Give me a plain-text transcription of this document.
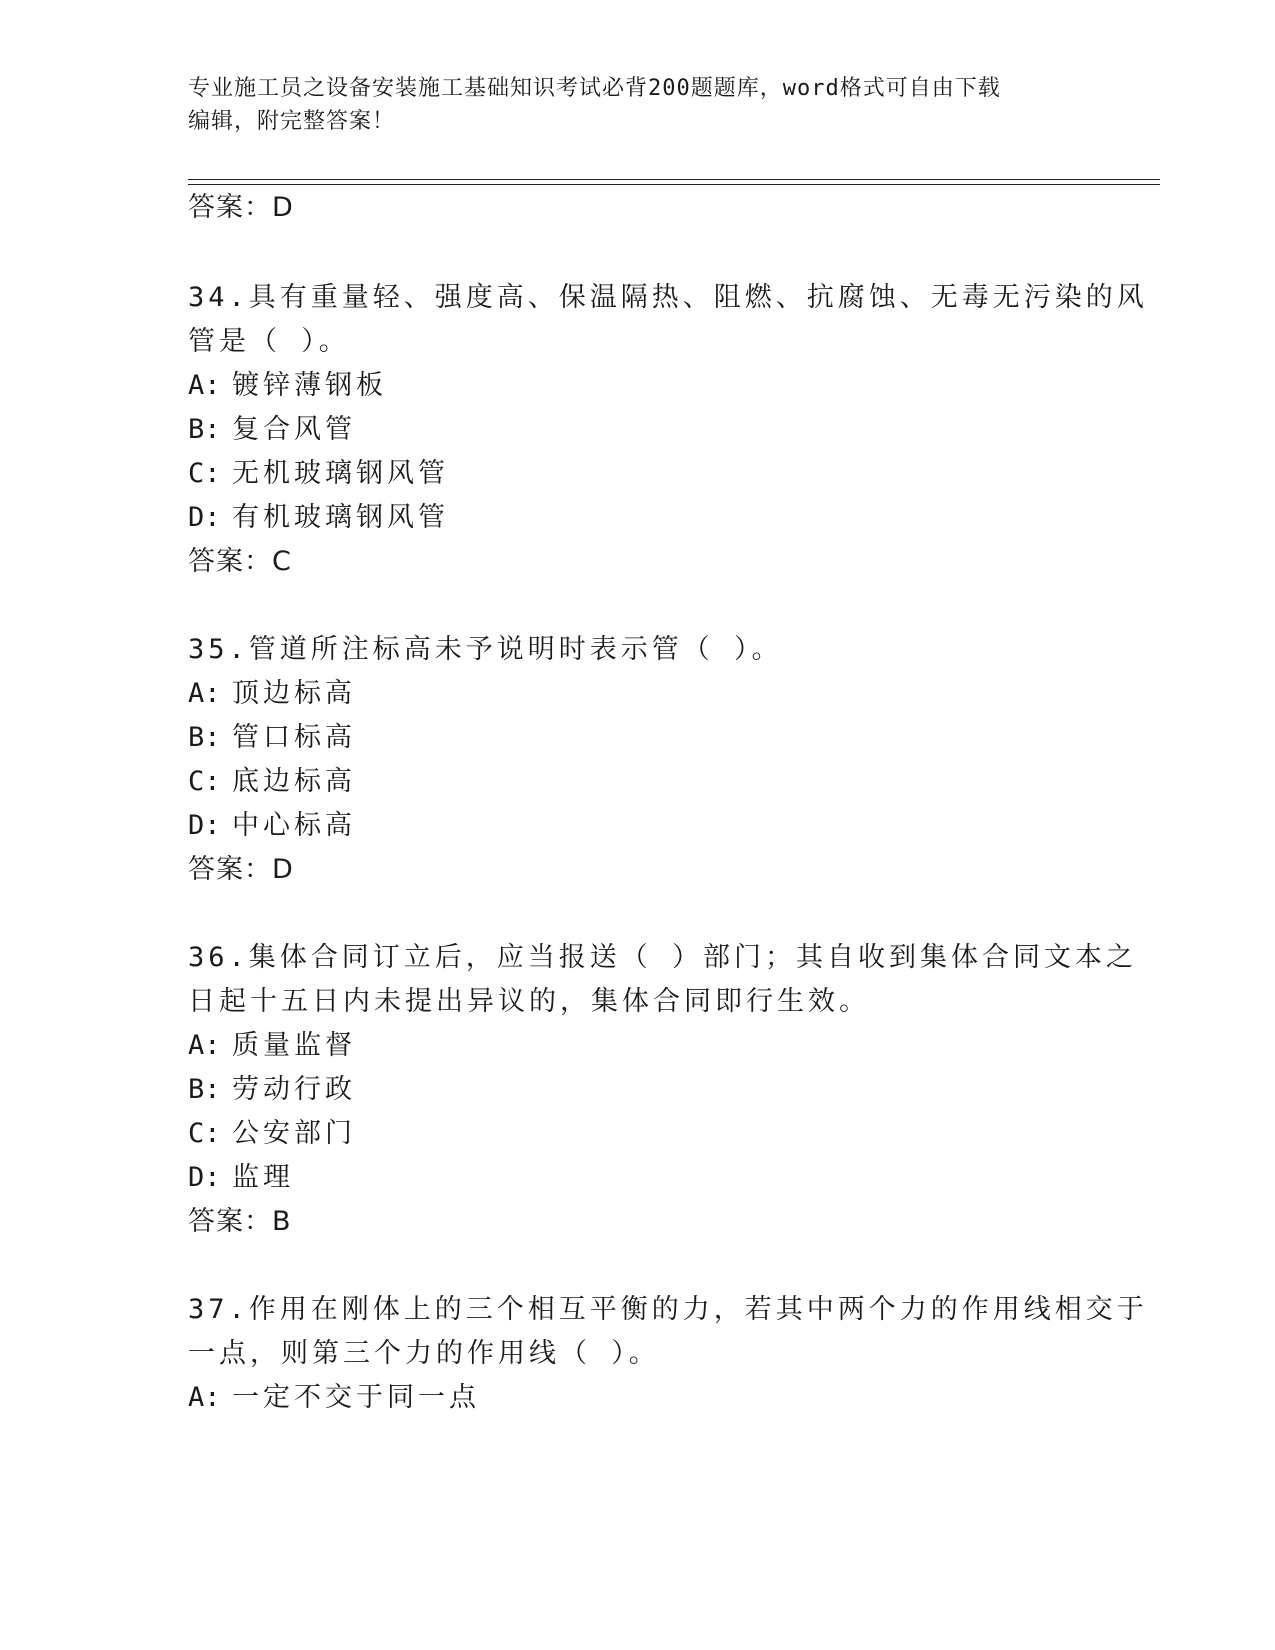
专业施工员之设备安装施工基础知识考试必背200题题库，word格式可自由下载
编辑，附完整答案！
答案：D
34.具有重量轻、强度高、保温隔热、阻燃、抗腐蚀、无毒无污染的风
管是（ ）。
A: 镀锌薄钢板
B: 复合风管
C: 无机玻璃钢风管
D: 有机玻璃钢风管
答案：C
35.管道所注标高未予说明时表示管（ ）。
A: 顶边标高
B: 管口标高
C: 底边标高
D: 中心标高
答案：D
36.集体合同订立后，应当报送（ ）部门；其自收到集体合同文本之
日起十五日内未提出异议的，集体合同即行生效。
A: 质量监督
B: 劳动行政
C: 公安部门
D: 监理
答案：B
37.作用在刚体上的三个相互平衡的力，若其中两个力的作用线相交于
一点，则第三个力的作用线（ ）。
A: 一定不交于同一点
